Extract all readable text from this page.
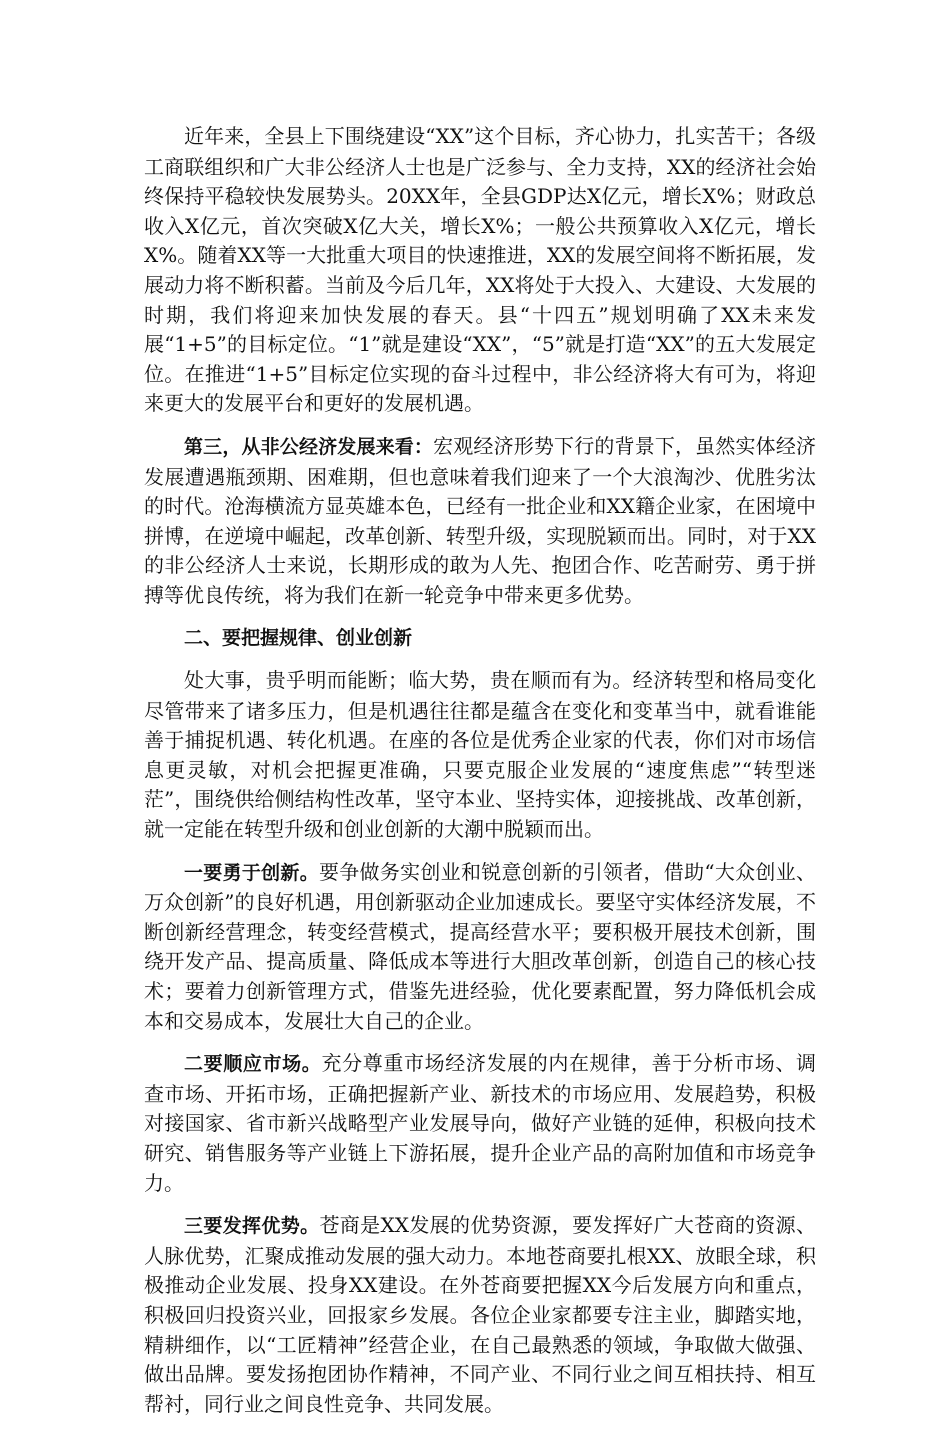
近年来，全县上下围绕建设“XX”这个目标，齐心协力，扎实苦干；各级工商联组织和广大非公经济人士也是广泛参与、全力支持，XX的经济社会始终保持平稳较快发展势头。20XX年，全县GDP达X亿元，增长X%；财政总收入X亿元，首次突破X亿大关，增长X%；一般公共预算收入X亿元，增长X%。随着XX等一大批重大项目的快速推进，XX的发展空间将不断拓展，发展动力将不断积蓄。当前及今后几年，XX将处于大投入、大建设、大发展的时期，我们将迎来加快发展的春天。县“十四五”规划明确了XX未来发展“1+5”的目标定位。“1”就是建设“XX”，“5”就是打造“XX”的五大发展定位。在推进“1+5”目标定位实现的奋斗过程中，非公经济将大有可为，将迎来更大的发展平台和更好的发展机遇。

第三，从非公经济发展来看：宏观经济形势下行的背景下，虽然实体经济发展遭遇瓶颈期、困难期，但也意味着我们迎来了一个大浪淘沙、优胜劣汰的时代。沧海横流方显英雄本色，已经有一批企业和XX籍企业家，在困境中拼博，在逆境中崛起，改革创新、转型升级，实现脱颖而出。同时，对于XX的非公经济人士来说，长期形成的敢为人先、抱团合作、吃苦耐劳、勇于拼搏等优良传统，将为我们在新一轮竞争中带来更多优势。

二、要把握规律、创业创新

处大事，贵乎明而能断；临大势，贵在顺而有为。经济转型和格局变化尽管带来了诸多压力，但是机遇往往都是蕴含在变化和变革当中，就看谁能善于捕捉机遇、转化机遇。在座的各位是优秀企业家的代表，你们对市场信息更灵敏，对机会把握更准确，只要克服企业发展的“速度焦虑”“转型迷茫”，围绕供给侧结构性改革，坚守本业、坚持实体，迎接挑战、改革创新，就一定能在转型升级和创业创新的大潮中脱颖而出。

一要勇于创新。要争做务实创业和锐意创新的引领者，借助“大众创业、万众创新”的良好机遇，用创新驱动企业加速成长。要坚守实体经济发展，不断创新经营理念，转变经营模式，提高经营水平；要积极开展技术创新，围绕开发产品、提高质量、降低成本等进行大胆改革创新，创造自己的核心技术；要着力创新管理方式，借鉴先进经验，优化要素配置，努力降低机会成本和交易成本，发展壮大自己的企业。

二要顺应市场。充分尊重市场经济发展的内在规律，善于分析市场、调查市场、开拓市场，正确把握新产业、新技术的市场应用、发展趋势，积极对接国家、省市新兴战略型产业发展导向，做好产业链的延伸，积极向技术研究、销售服务等产业链上下游拓展，提升企业产品的高附加值和市场竞争力。

三要发挥优势。苍商是XX发展的优势资源，要发挥好广大苍商的资源、人脉优势，汇聚成推动发展的强大动力。本地苍商要扎根XX、放眼全球，积极推动企业发展、投身XX建设。在外苍商要把握XX今后发展方向和重点，积极回归投资兴业，回报家乡发展。各位企业家都要专注主业，脚踏实地，精耕细作，以“工匠精神”经营企业，在自己最熟悉的领域，争取做大做强、做出品牌。要发扬抱团协作精神，不同产业、不同行业之间互相扶持、相互帮衬，同行业之间良性竞争、共同发展。
